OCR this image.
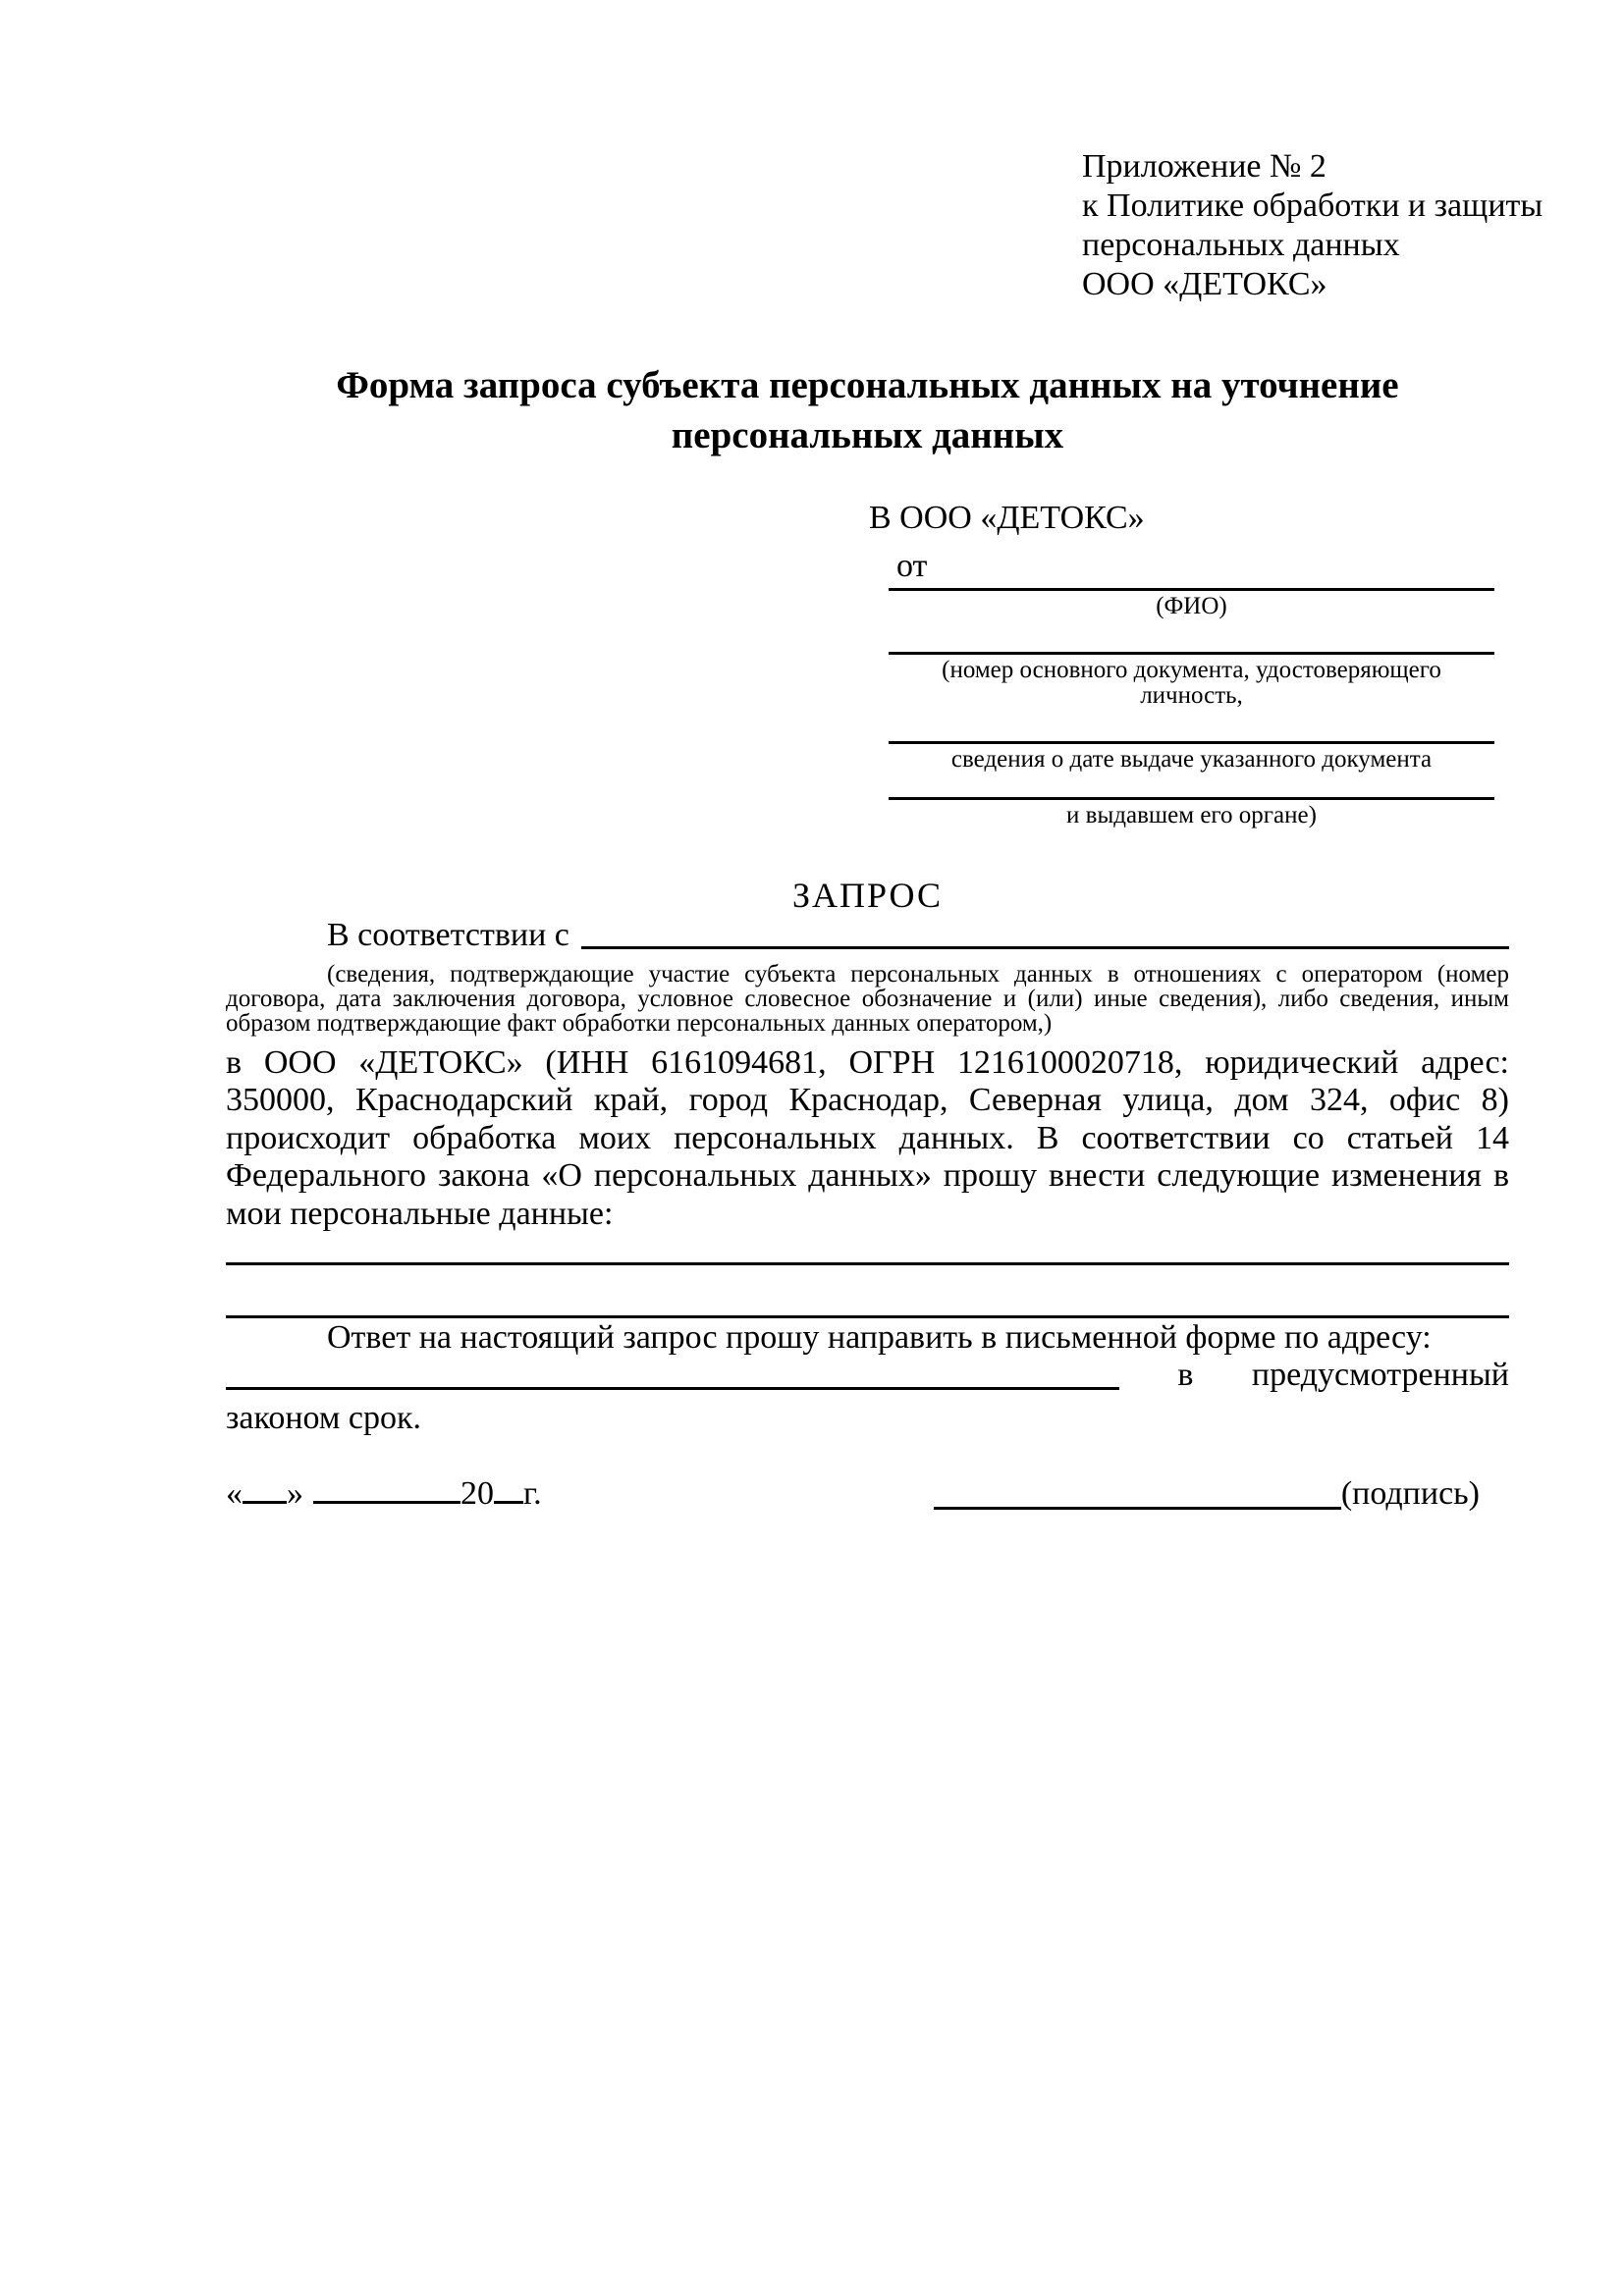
Приложение № 2
к Политике обработки и защиты
персональных данных
ООО «ДЕТОКС»
Форма запроса субъекта персональных данных на уточнение персональных данных
В ООО «ДЕТОКС»
от
(ФИО)
(номер основного документа, удостоверяющего личность,
сведения о дате выдаче указанного документа
и выдавшем его органе)
ЗАПРОС
В соответствии с
(сведения, подтверждающие участие субъекта персональных данных в отношениях с оператором (номер договора, дата заключения договора, условное словесное обозначение и (или) иные сведения), либо сведения, иным образом подтверждающие факт обработки персональных данных оператором,)
в ООО «ДЕТОКС» (ИНН 6161094681, ОГРН 1216100020718, юридический адрес: 350000, Краснодарский край, город Краснодар, Северная улица, дом 324, офис 8) происходит обработка моих персональных данных. В соответствии со статьей 14 Федерального закона «О персональных данных» прошу внести следующие изменения в мои персональные данные:
Ответ на настоящий запрос прошу направить в письменной форме по адресу:
в предусмотренный
законом срок.
« »	20 г.	(подпись)
